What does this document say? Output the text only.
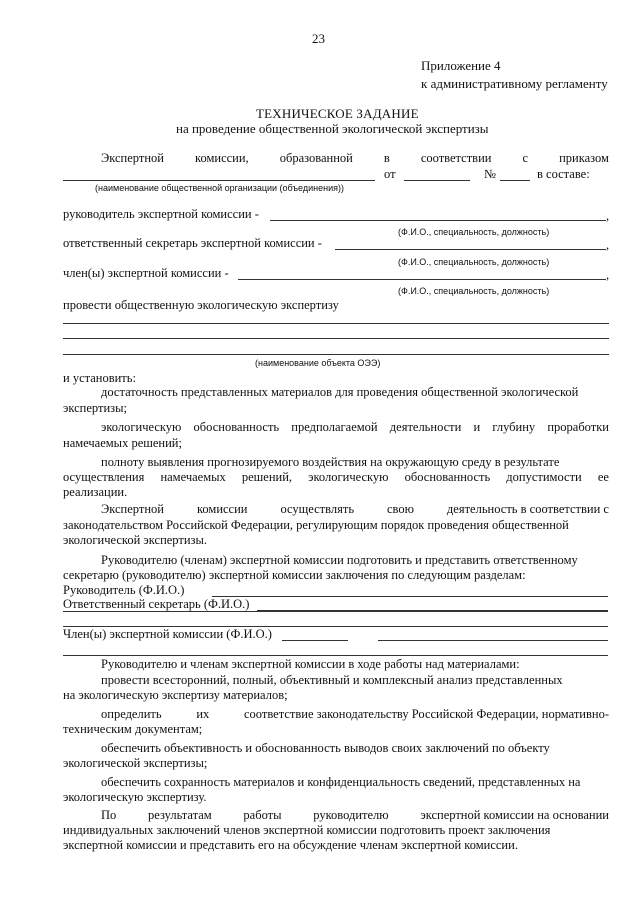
23
Приложение 4
к административному регламенту
ТЕХНИЧЕСКОЕ ЗАДАНИЕ
на проведение общественной экологической экспертизы
Экспертной комиссии, образованной в соответствии с приказом
от	№	в составе:
(наименование общественной организации (объединения))
руководитель экспертной комиссии -	,
(Ф.И.О., специальность, должность)
ответственный секретарь экспертной комиссии -	,
(Ф.И.О., специальность, должность)
член(ы) экспертной комиссии -	,
(Ф.И.О., специальность, должность)
провести общественную экологическую экспертизу
(наименование объекта ОЭЭ)
и установить:
достаточность представленных материалов для проведения общественной экологической
экспертизы;
экологическую обоснованность предполагаемой деятельности и глубину проработки
намечаемых решений;
полноту выявления прогнозируемого воздействия на окружающую среду в результате
осуществления намечаемых решений, экологическую обоснованность допустимости ее
реализации.
Экспертной	комиссии	осуществлять	свою	деятельность в соответствии с
законодательством Российской Федерации, регулирующим порядок проведения общественной
экологической экспертизы.
Руководителю (членам) экспертной комиссии подготовить и представить ответственному
секретарю (руководителю) экспертной комиссии заключения по следующим разделам:
Руководитель (Ф.И.О.)
Ответственный секретарь (Ф.И.О.)
Член(ы) экспертной комиссии (Ф.И.О.)
Руководителю и членам экспертной комиссии в ходе работы над материалами:
провести всесторонний, полный, объективный и комплексный анализ представленных
на экологическую экспертизу материалов;
определить	их	соответствие законодательству Российской Федерации, нормативно-
техническим документам;
обеспечить объективность и обоснованность выводов своих заключений по объекту
экологической экспертизы;
обеспечить сохранность материалов и конфиденциальность сведений, представленных на
экологическую экспертизу.
По	результатам	работы	руководителю	экспертной комиссии на основании
индивидуальных заключений членов экспертной комиссии подготовить проект заключения
экспертной комиссии и представить его на обсуждение членам экспертной комиссии.
